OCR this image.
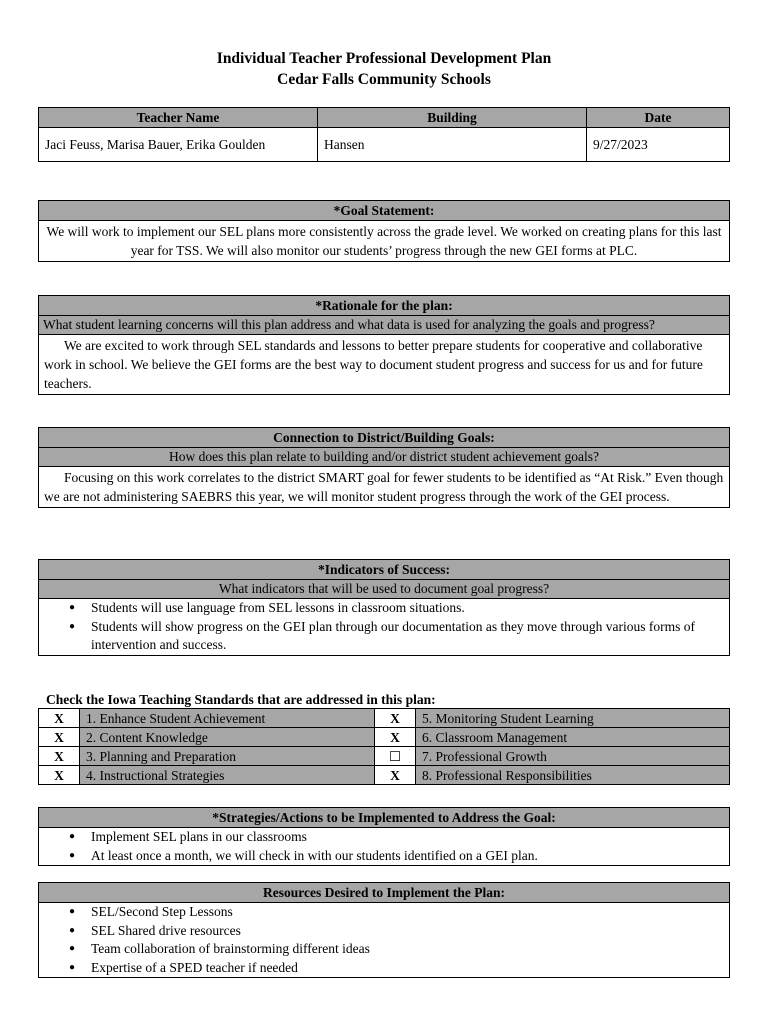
Individual Teacher Professional Development Plan
Cedar Falls Community Schools
Teacher Name	Building	Date
Jaci Feuss, Marisa Bauer, Erika Goulden	Hansen	9/27/2023
*Goal Statement:
We will work to implement our SEL plans more consistently across the grade level. We worked on creating plans for this last year for TSS. We will also monitor our students’ progress through the new GEI forms at PLC.
*Rationale for the plan:
What student learning concerns will this plan address and what data is used for analyzing the goals and progress?
We are excited to work through SEL standards and lessons to better prepare students for cooperative and collaborative work in school. We believe the GEI forms are the best way to document student progress and success for us and for future teachers.
Connection to District/Building Goals:
How does this plan relate to building and/or district student achievement goals?
Focusing on this work correlates to the district SMART goal for fewer students to be identified as “At Risk.” Even though we are not administering SAEBRS this year, we will monitor student progress through the work of the GEI process.
*Indicators of Success:
What indicators that will be used to document goal progress?
● Students will use language from SEL lessons in classroom situations.
● Students will show progress on the GEI plan through our documentation as they move through various forms of intervention and success.
Check the Iowa Teaching Standards that are addressed in this plan:
X	1. Enhance Student Achievement	X	5. Monitoring Student Learning
X	2. Content Knowledge	X	6. Classroom Management
X	3. Planning and Preparation	☐	7. Professional Growth
X	4. Instructional Strategies	X	8. Professional Responsibilities
*Strategies/Actions to be Implemented to Address the Goal:
● Implement SEL plans in our classrooms
● At least once a month, we will check in with our students identified on a GEI plan.
Resources Desired to Implement the Plan:
● SEL/Second Step Lessons
● SEL Shared drive resources
● Team collaboration of brainstorming different ideas
● Expertise of a SPED teacher if needed
